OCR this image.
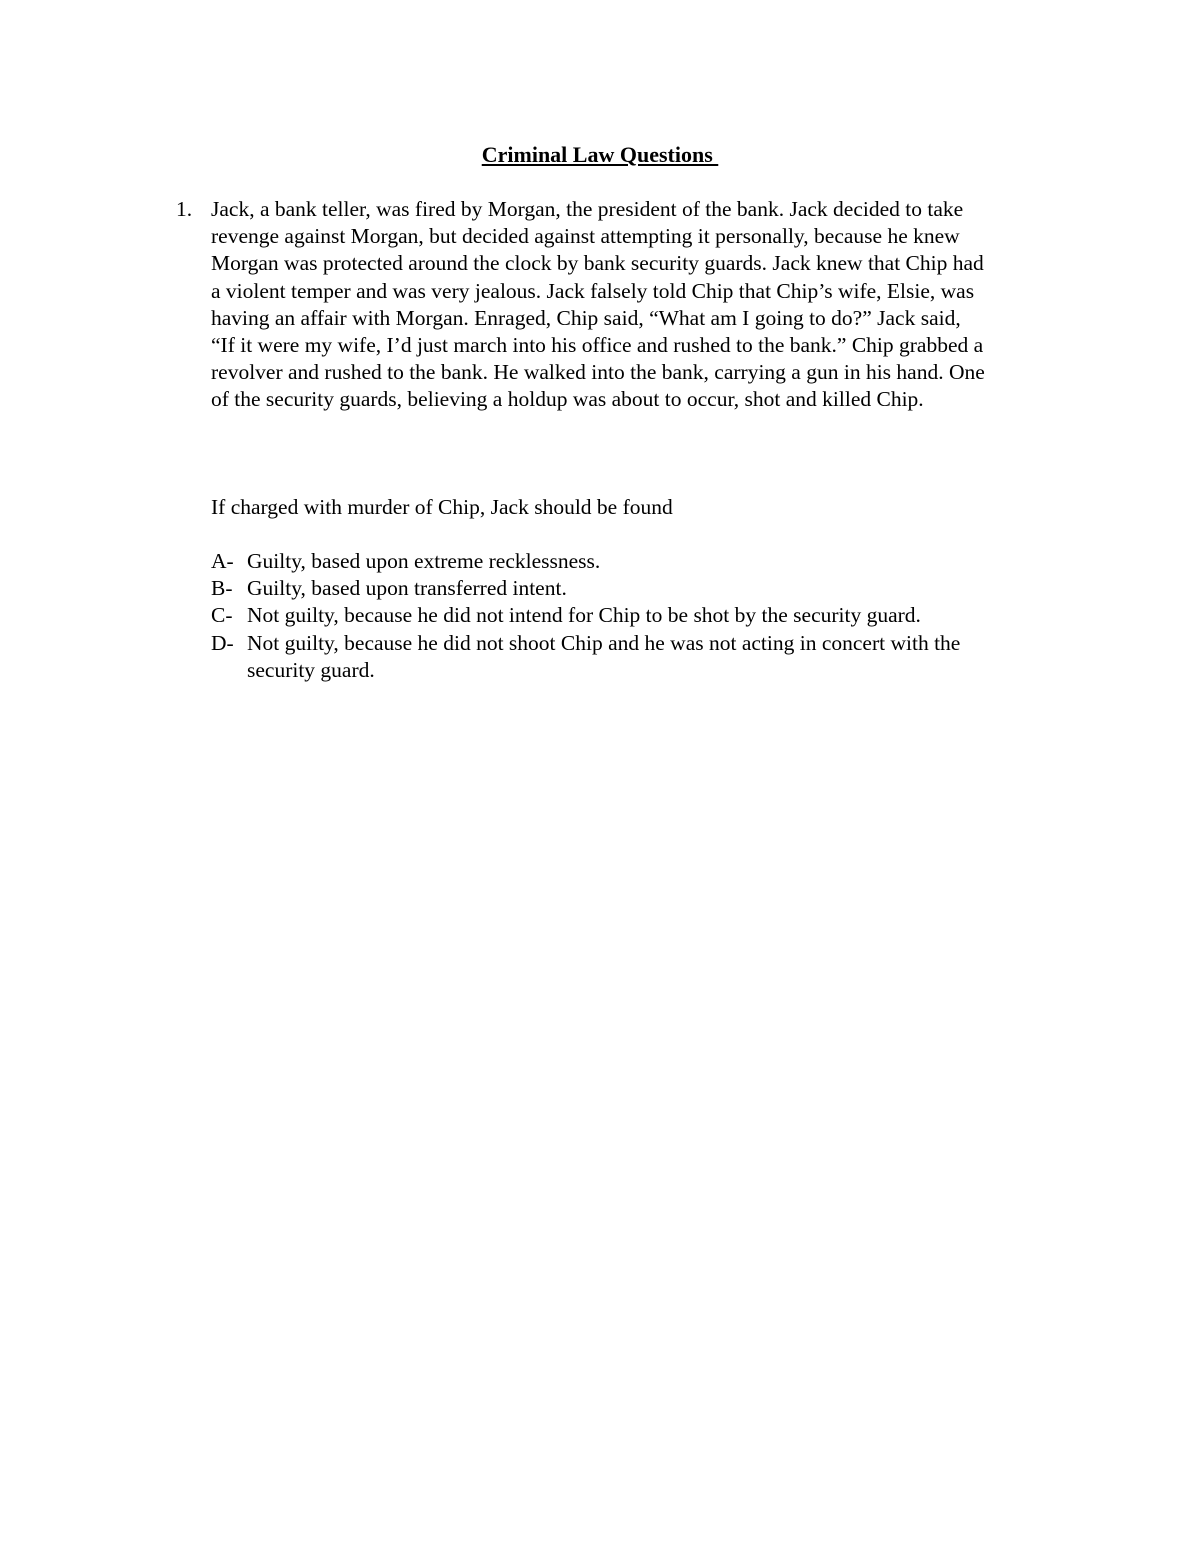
Criminal Law Questions
1. Jack, a bank teller, was fired by Morgan, the president of the bank. Jack decided to take
revenge against Morgan, but decided against attempting it personally, because he knew
Morgan was protected around the clock by bank security guards. Jack knew that Chip had
a violent temper and was very jealous. Jack falsely told Chip that Chip’s wife, Elsie, was
having an affair with Morgan. Enraged, Chip said, “What am I going to do?” Jack said,
“If it were my wife, I’d just march into his office and rushed to the bank.” Chip grabbed a
revolver and rushed to the bank. He walked into the bank, carrying a gun in his hand. One
of the security guards, believing a holdup was about to occur, shot and killed Chip.
If charged with murder of Chip, Jack should be found
A- Guilty, based upon extreme recklessness.
B- Guilty, based upon transferred intent.
C- Not guilty, because he did not intend for Chip to be shot by the security guard.
D- Not guilty, because he did not shoot Chip and he was not acting in concert with the
security guard.
